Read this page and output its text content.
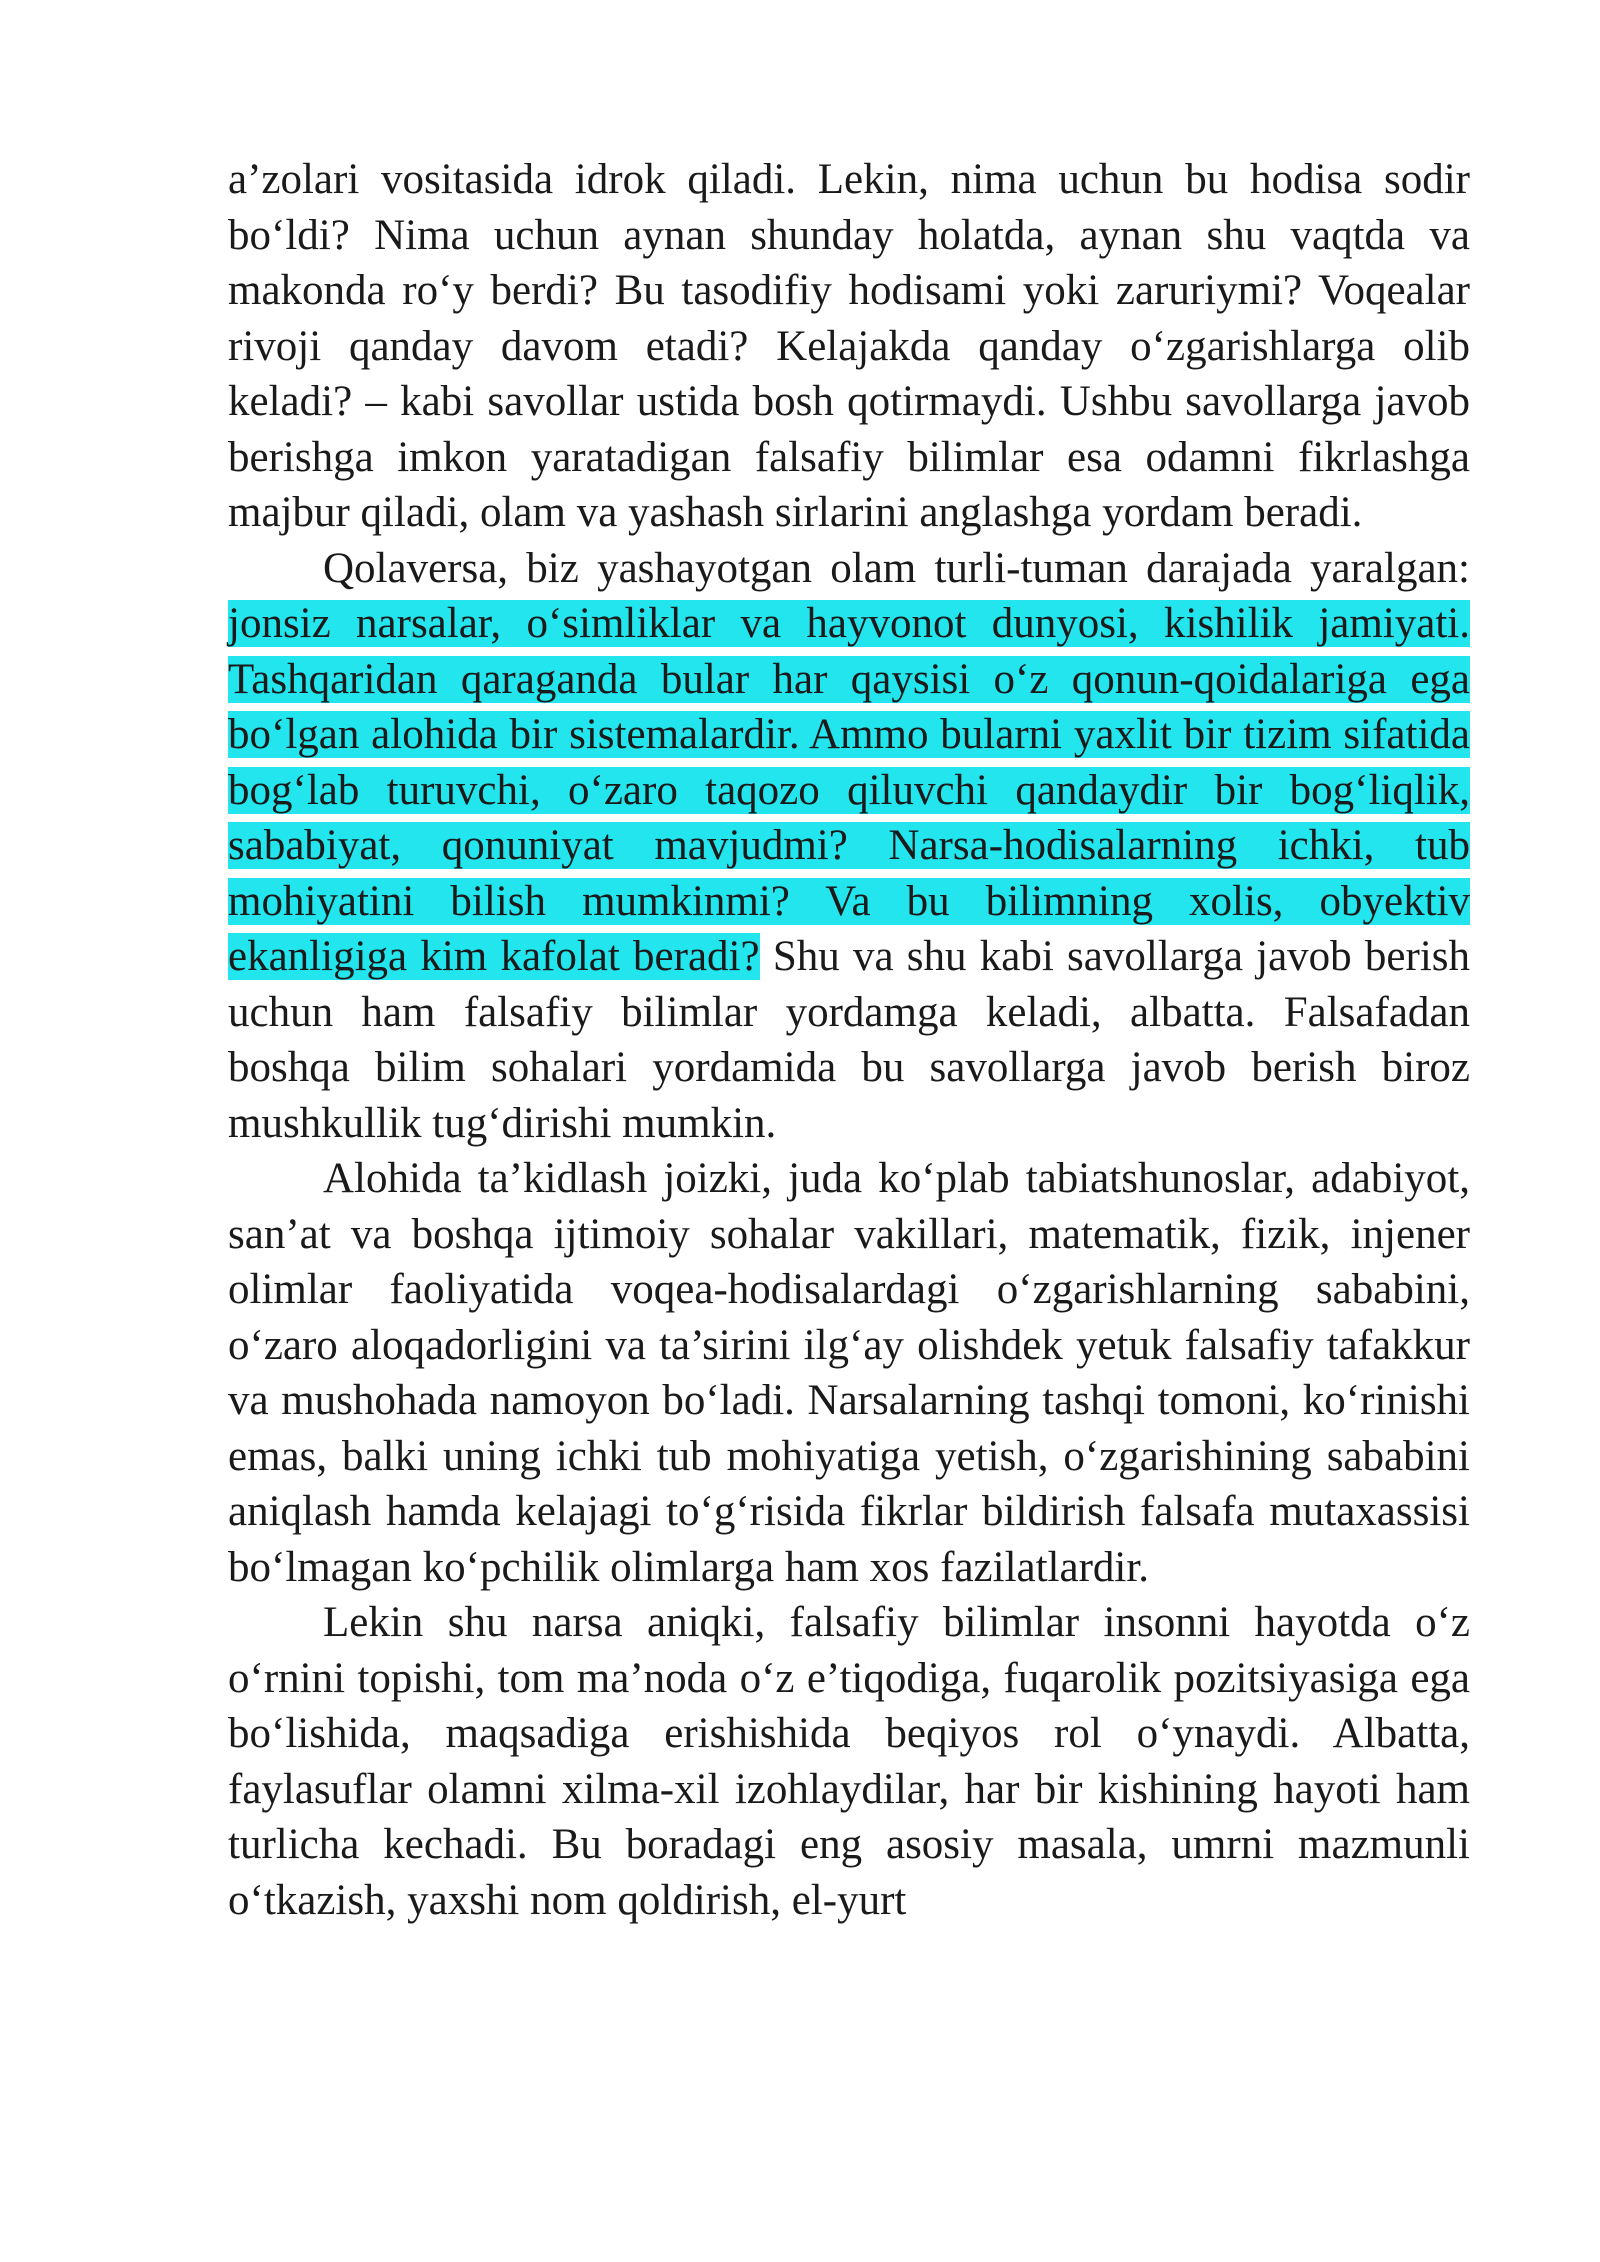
a’zolari vositasida idrok qiladi. Lekin, nima uchun bu hodisa sodir bo‘ldi? Nima uchun aynan shunday holatda, aynan shu vaqtda va makonda ro‘y berdi? Bu tasodifiy hodisami yoki zaruriymi? Voqealar rivoji qanday davom etadi? Kelajakda qanday o‘zgarishlarga olib keladi? – kabi savollar ustida bosh qotirmaydi. Ushbu savollarga javob berishga imkon yaratadigan falsafiy bilimlar esa odamni fikrlashga majbur qiladi, olam va yashash sirlarini anglashga yordam beradi.

Qolaversa, biz yashayotgan olam turli-tuman darajada yaralgan: jonsiz narsalar, o‘simliklar va hayvonot dunyosi, kishilik jamiyati. Tashqaridan qaraganda bular har qaysisi o‘z qonun-qoidalariga ega bo‘lgan alohida bir sistemalardir. Ammo bularni yaxlit bir tizim sifatida bog‘lab turuvchi, o‘zaro taqozo qiluvchi qandaydir bir bog‘liqlik, sababiyat, qonuniyat mavjudmi? Narsa-hodisalarning ichki, tub mohiyatini bilish mumkinmi? Va bu bilimning xolis, obyektiv ekanligiga kim kafolat beradi? Shu va shu kabi savollarga javob berish uchun ham falsafiy bilimlar yordamga keladi, albatta. Falsafadan boshqa bilim sohalari yordamida bu savollarga javob berish biroz mushkullik tug‘dirishi mumkin.

Alohida ta’kidlash joizki, juda ko‘plab tabiatshunoslar, adabiyot, san’at va boshqa ijtimoiy sohalar vakillari, matematik, fizik, injener olimlar faoliyatida voqea-hodisalardagi o‘zgarishlarning sababini, o‘zaro aloqadorligini va ta’sirini ilg‘ay olishdek yetuk falsafiy tafakkur va mushohada namoyon bo‘ladi. Narsalarning tashqi tomoni, ko‘rinishi emas, balki uning ichki tub mohiyatiga yetish, o‘zgarishining sababini aniqlash hamda kelajagi to‘g‘risida fikrlar bildirish falsafa mutaxassisi bo‘lmagan ko‘pchilik olimlarga ham xos fazilatlardir.

Lekin shu narsa aniqki, falsafiy bilimlar insonni hayotda o‘z o‘rnini topishi, tom ma’noda o‘z e’tiqodiga, fuqarolik pozitsiyasiga ega bo‘lishida, maqsadiga erishishida beqiyos rol o‘ynaydi. Albatta, faylasuflar olamni xilma-xil izohlaydilar, har bir kishining hayoti ham turlicha kechadi. Bu boradagi eng asosiy masala, umrni mazmunli o‘tkazish, yaxshi nom qoldirish, el-yurt
